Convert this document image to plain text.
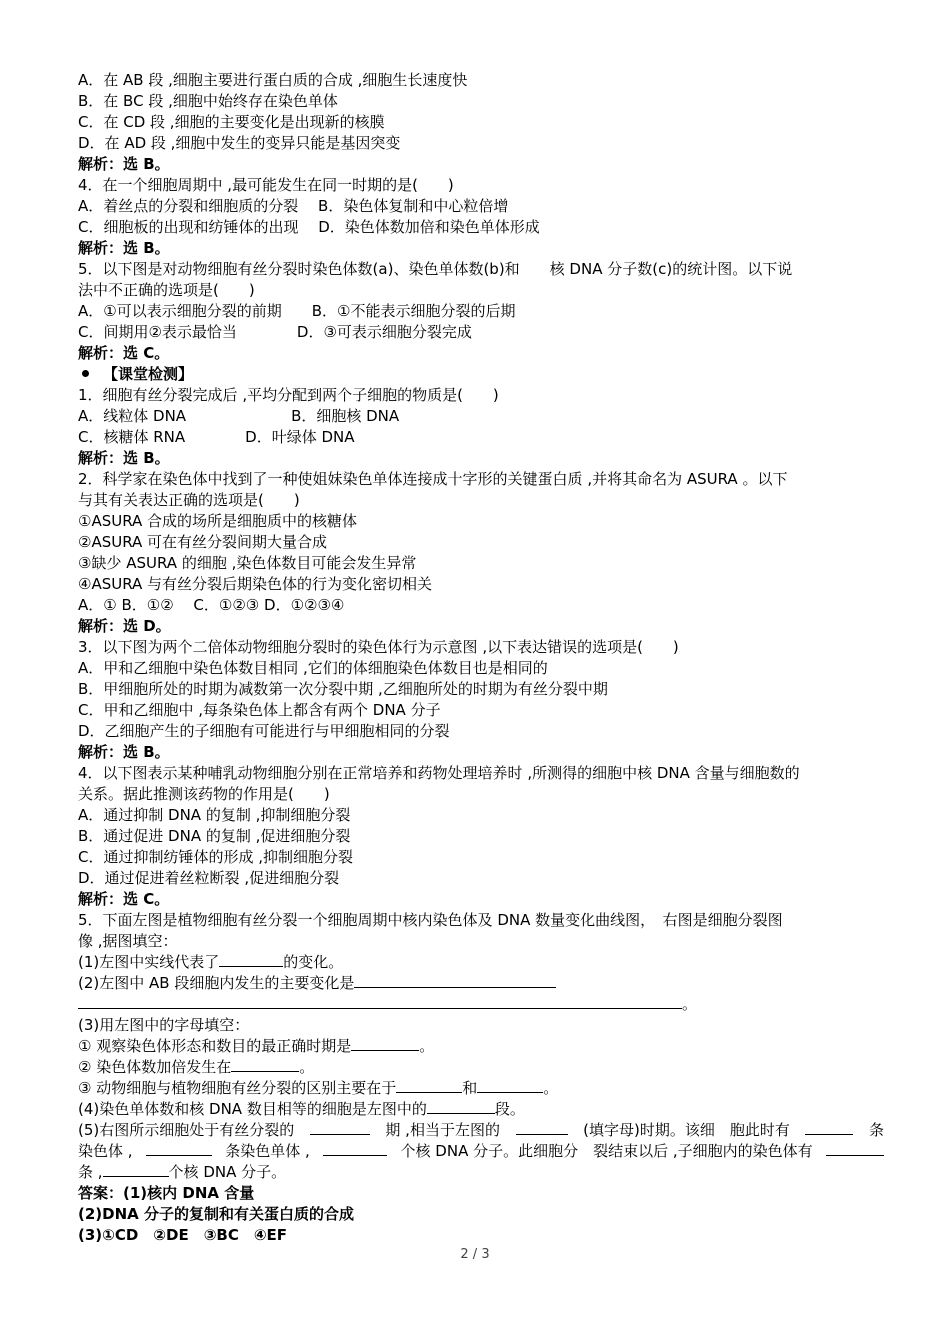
A．在 AB 段 ,细胞主要进行蛋白质的合成 ,细胞生长速度快
B．在 BC 段 ,细胞中始终存在染色单体
C．在 CD 段 ,细胞的主要变化是出现新的核膜
D．在 AD 段 ,细胞中发生的变异只能是基因突变
解析：选 B。
4．在一个细胞周期中 ,最可能发生在同一时期的是(　　)
A．着丝点的分裂和细胞质的分裂　 B．染色体复制和中心粒倍增
C．细胞板的出现和纺锤体的出现　 D．染色体数加倍和染色单体形成
解析：选 B。
5．以下图是对动物细胞有丝分裂时染色体数(a)、染色单体数(b)和　　核 DNA 分子数(c)的统计图。以下说
法中不正确的选项是(　　)
A．①可以表示细胞分裂的前期　　B．①不能表示细胞分裂的后期
C．间期用②表示最恰当　　　　D．③可表示细胞分裂完成
解析：选 C。
【课堂检测】
1．细胞有丝分裂完成后 ,平均分配到两个子细胞的物质是(　　)
A．线粒体 DNA　　　　　　　B．细胞核 DNA
C．核糖体 RNA　　　　D．叶绿体 DNA
解析：选 B。
2．科学家在染色体中找到了一种使姐妹染色单体连接成十字形的关键蛋白质 ,并将其命名为 ASURA 。以下
与其有关表达正确的选项是(　　)
①ASURA 合成的场所是细胞质中的核糖体
②ASURA 可在有丝分裂间期大量合成
③缺少 ASURA 的细胞 ,染色体数目可能会发生异常
④ASURA 与有丝分裂后期染色体的行为变化密切相关
A．① B．①②　 C．①②③ D．①②③④
解析：选 D。
3．以下图为两个二倍体动物细胞分裂时的染色体行为示意图 ,以下表达错误的选项是(　　)
A．甲和乙细胞中染色体数目相同 ,它们的体细胞染色体数目也是相同的
B．甲细胞所处的时期为减数第一次分裂中期 ,乙细胞所处的时期为有丝分裂中期
C．甲和乙细胞中 ,每条染色体上都含有两个 DNA 分子
D．乙细胞产生的子细胞有可能进行与甲细胞相同的分裂
解析：选 B。
4．以下图表示某种哺乳动物细胞分别在正常培养和药物处理培养时 ,所测得的细胞中核 DNA 含量与细胞数的
关系。据此推测该药物的作用是(　　)
A．通过抑制 DNA 的复制 ,抑制细胞分裂
B．通过促进 DNA 的复制 ,促进细胞分裂
C．通过抑制纺锤体的形成 ,抑制细胞分裂
D．通过促进着丝粒断裂 ,促进细胞分裂
解析：选 C。
5．下面左图是植物细胞有丝分裂一个细胞周期中核内染色体及 DNA 数量变化曲线图，　右图是细胞分裂图
像 ,据图填空：
(1)左图中实线代表了	的变化。
(2)左图中 AB 段细胞内发生的主要变化是
。
(3)用左图中的字母填空：
① 观察染色体形态和数目的最正确时期是	。
② 染色体数加倍发生在	。
③ 动物细胞与植物细胞有丝分裂的区别主要在于	和	。
(4)染色单体数和核 DNA 数目相等的细胞是左图中的	段。
(5)右图所示细胞处于有丝分裂的	期 ,相当于左图的	(填字母)时期。该细　胞此时有	条
染色体 ,	条染色单体 ,	个核 DNA 分子。此细胞分　裂结束以后 ,子细胞内的染色体有
条 ,	个核 DNA 分子。
答案：(1)核内 DNA 含量
(2)DNA 分子的复制和有关蛋白质的合成
(3)①CD　②DE　③BC　④EF
2 / 3
